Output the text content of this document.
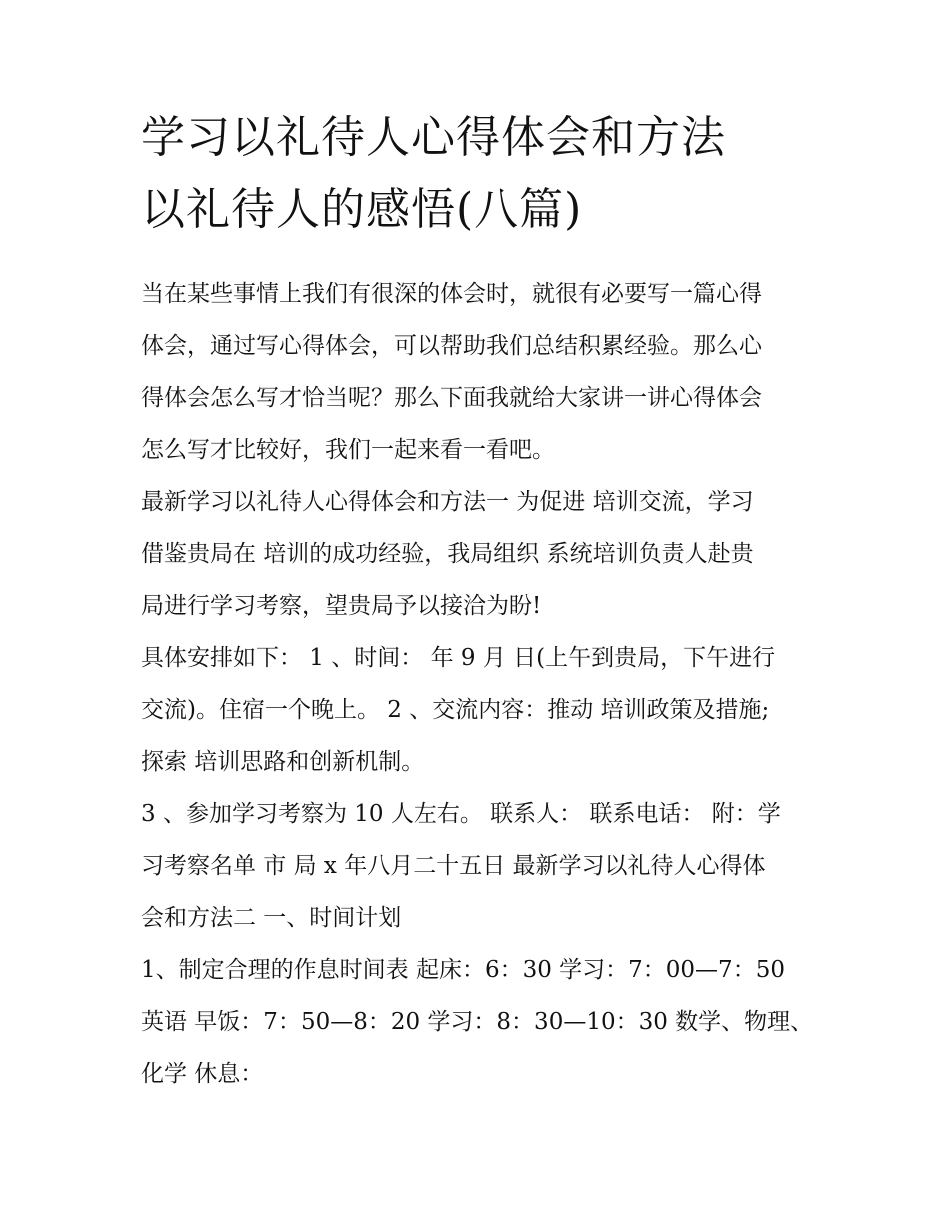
学习以礼待人心得体会和方法
以礼待人的感悟(八篇)

当在某些事情上我们有很深的体会时，就很有必要写一篇心得
体会，通过写心得体会，可以帮助我们总结积累经验。那么心
得体会怎么写才恰当呢？那么下面我就给大家讲一讲心得体会
怎么写才比较好，我们一起来看一看吧。

最新学习以礼待人心得体会和方法一 为促进 培训交流，学习
借鉴贵局在 培训的成功经验，我局组织 系统培训负责人赴贵
局进行学习考察，望贵局予以接洽为盼!

具体安排如下： 1 、时间： 年 9 月 日(上午到贵局，下午进行
交流)。住宿一个晚上。 2 、交流内容：推动 培训政策及措施;
探索 培训思路和创新机制。

3 、参加学习考察为 10 人左右。 联系人： 联系电话： 附：学
习考察名单 市 局 x 年八月二十五日 最新学习以礼待人心得体
会和方法二 一、时间计划

1、制定合理的作息时间表 起床：6：30 学习：7：00—7：50
英语 早饭：7：50—8：20 学习：8：30—10：30 数学、物理、
化学 休息：
